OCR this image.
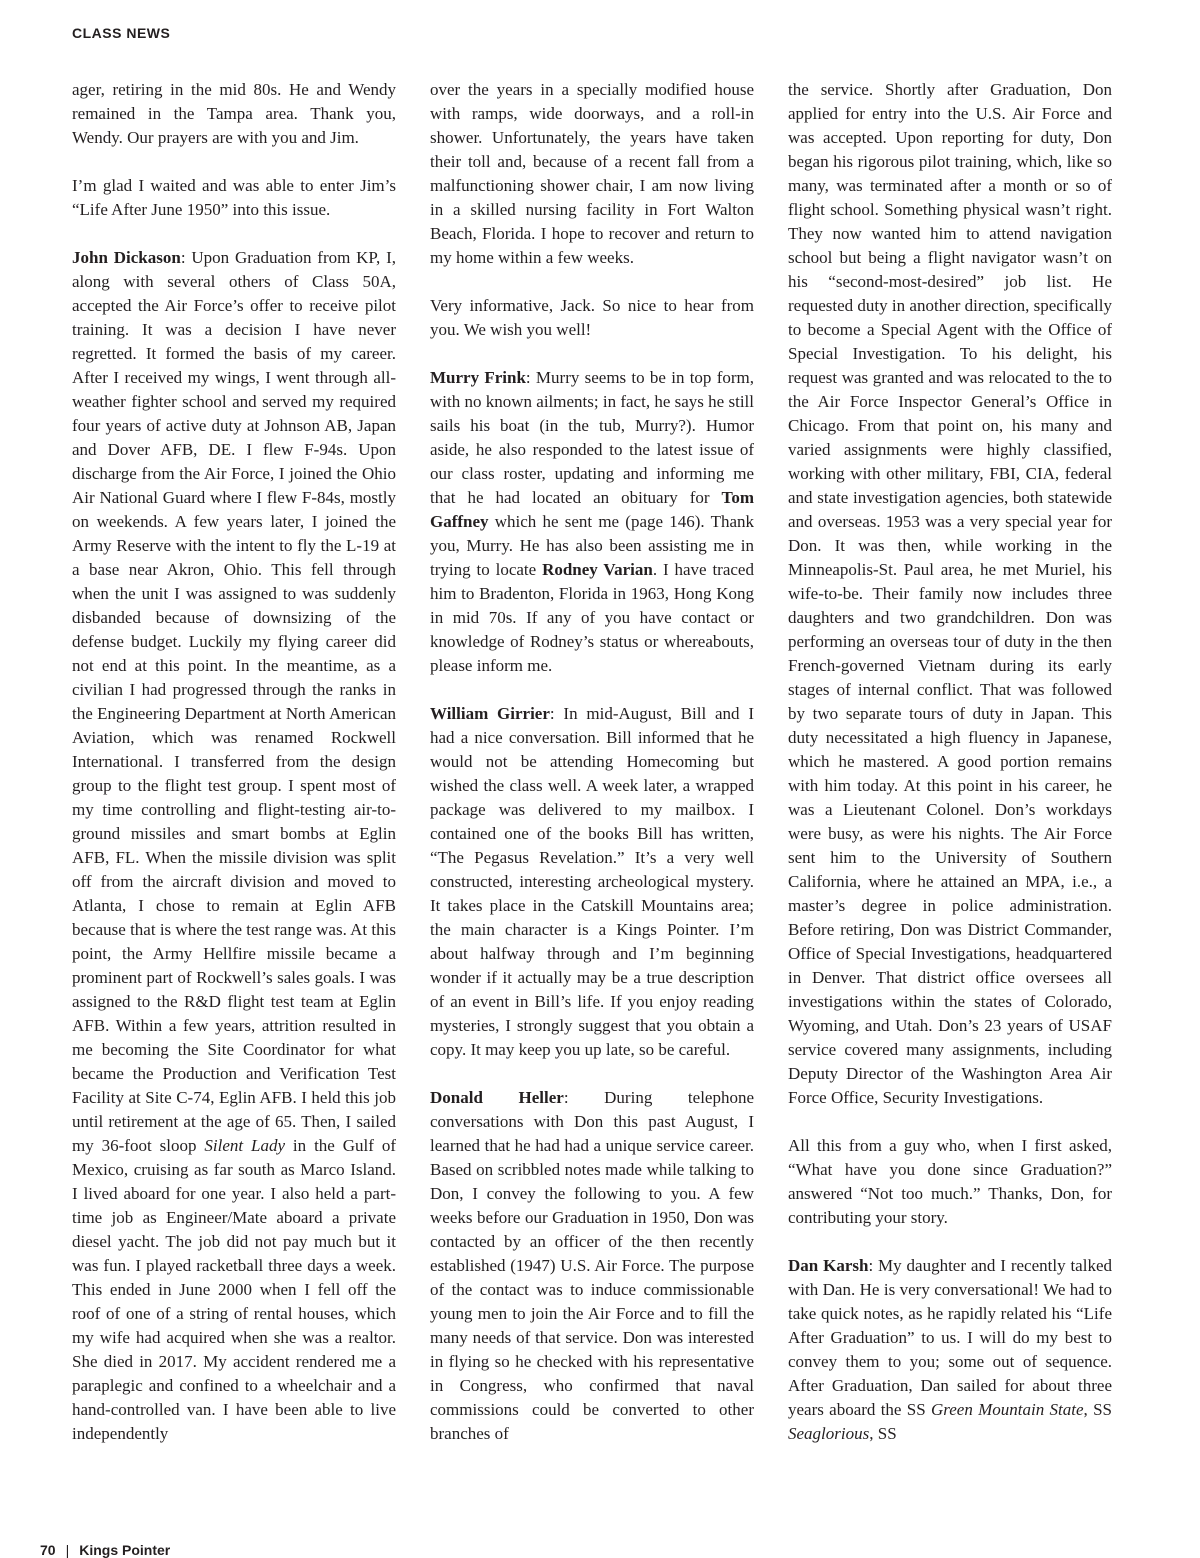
CLASS NEWS

ager, retiring in the mid 80s. He and Wendy remained in the Tampa area. Thank you, Wendy. Our prayers are with you and Jim.

I’m glad I waited and was able to enter Jim’s “Life After June 1950” into this issue.

John Dickason: Upon Graduation from KP, I, along with several others of Class 50A, accepted the Air Force’s offer to receive pilot training. It was a decision I have never regretted. It formed the basis of my career. After I received my wings, I went through all-weather fighter school and served my required four years of active duty at Johnson AB, Japan and Dover AFB, DE. I flew F-94s. Upon discharge from the Air Force, I joined the Ohio Air National Guard where I flew F-84s, mostly on weekends. A few years later, I joined the Army Reserve with the intent to fly the L-19 at a base near Akron, Ohio. This fell through when the unit I was assigned to was suddenly disbanded because of downsizing of the defense budget. Luckily my flying career did not end at this point. In the meantime, as a civilian I had progressed through the ranks in the Engineering Department at North American Aviation, which was renamed Rockwell International. I transferred from the design group to the flight test group. I spent most of my time controlling and flight-testing air-to-ground missiles and smart bombs at Eglin AFB, FL. When the missile division was split off from the aircraft division and moved to Atlanta, I chose to remain at Eglin AFB because that is where the test range was. At this point, the Army Hellfire missile became a prominent part of Rockwell’s sales goals. I was assigned to the R&D flight test team at Eglin AFB. Within a few years, attrition resulted in me becoming the Site Coordinator for what became the Production and Verification Test Facility at Site C-74, Eglin AFB. I held this job until retirement at the age of 65. Then, I sailed my 36-foot sloop Silent Lady in the Gulf of Mexico, cruising as far south as Marco Island. I lived aboard for one year. I also held a part-time job as Engineer/Mate aboard a private diesel yacht. The job did not pay much but it was fun. I played racketball three days a week. This ended in June 2000 when I fell off the roof of one of a string of rental houses, which my wife had acquired when she was a realtor. She died in 2017. My accident rendered me a paraplegic and confined to a wheelchair and a hand-controlled van. I have been able to live independently

over the years in a specially modified house with ramps, wide doorways, and a roll-in shower. Unfortunately, the years have taken their toll and, because of a recent fall from a malfunctioning shower chair, I am now living in a skilled nursing facility in Fort Walton Beach, Florida. I hope to recover and return to my home within a few weeks.

Very informative, Jack. So nice to hear from you. We wish you well!

Murry Frink: Murry seems to be in top form, with no known ailments; in fact, he says he still sails his boat (in the tub, Murry?). Humor aside, he also responded to the latest issue of our class roster, updating and informing me that he had located an obituary for Tom Gaffney which he sent me (page 146). Thank you, Murry. He has also been assisting me in trying to locate Rodney Varian. I have traced him to Bradenton, Florida in 1963, Hong Kong in mid 70s. If any of you have contact or knowledge of Rodney’s status or whereabouts, please inform me.

William Girrier: In mid-August, Bill and I had a nice conversation. Bill informed that he would not be attending Homecoming but wished the class well. A week later, a wrapped package was delivered to my mailbox. I contained one of the books Bill has written, “The Pegasus Revelation.” It’s a very well constructed, interesting archeological mystery. It takes place in the Catskill Mountains area; the main character is a Kings Pointer. I’m about halfway through and I’m beginning wonder if it actually may be a true description of an event in Bill’s life. If you enjoy reading mysteries, I strongly suggest that you obtain a copy. It may keep you up late, so be careful.

Donald Heller: During telephone conversations with Don this past August, I learned that he had had a unique service career. Based on scribbled notes made while talking to Don, I convey the following to you. A few weeks before our Graduation in 1950, Don was contacted by an officer of the then recently established (1947) U.S. Air Force. The purpose of the contact was to induce commissionable young men to join the Air Force and to fill the many needs of that service. Don was interested in flying so he checked with his representative in Congress, who confirmed that naval commissions could be converted to other branches of

the service. Shortly after Graduation, Don applied for entry into the U.S. Air Force and was accepted. Upon reporting for duty, Don began his rigorous pilot training, which, like so many, was terminated after a month or so of flight school. Something physical wasn’t right. They now wanted him to attend navigation school but being a flight navigator wasn’t on his “second-most-desired” job list. He requested duty in another direction, specifically to become a Special Agent with the Office of Special Investigation. To his delight, his request was granted and was relocated to the to the Air Force Inspector General’s Office in Chicago. From that point on, his many and varied assignments were highly classified, working with other military, FBI, CIA, federal and state investigation agencies, both statewide and overseas. 1953 was a very special year for Don. It was then, while working in the Minneapolis-St. Paul area, he met Muriel, his wife-to-be. Their family now includes three daughters and two grandchildren. Don was performing an overseas tour of duty in the then French-governed Vietnam during its early stages of internal conflict. That was followed by two separate tours of duty in Japan. This duty necessitated a high fluency in Japanese, which he mastered. A good portion remains with him today. At this point in his career, he was a Lieutenant Colonel. Don’s workdays were busy, as were his nights. The Air Force sent him to the University of Southern California, where he attained an MPA, i.e., a master’s degree in police administration. Before retiring, Don was District Commander, Office of Special Investigations, headquartered in Denver. That district office oversees all investigations within the states of Colorado, Wyoming, and Utah. Don’s 23 years of USAF service covered many assignments, including Deputy Director of the Washington Area Air Force Office, Security Investigations.

All this from a guy who, when I first asked, “What have you done since Graduation?” answered “Not too much.” Thanks, Don, for contributing your story.

Dan Karsh: My daughter and I recently talked with Dan. He is very conversational! We had to take quick notes, as he rapidly related his “Life After Graduation” to us. I will do my best to convey them to you; some out of sequence. After Graduation, Dan sailed for about three years aboard the SS Green Mountain State, SS Seaglorious, SS

70 | Kings Pointer
